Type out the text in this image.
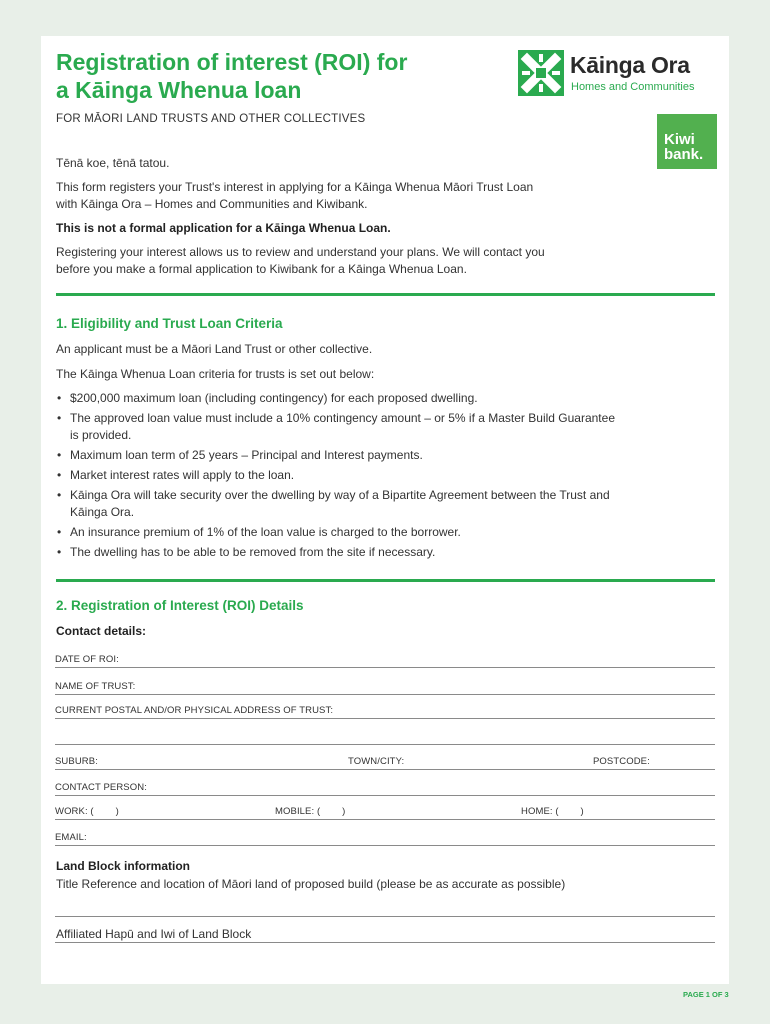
Registration of interest (ROI) for
a Kāinga Whenua loan
FOR MĀORI LAND TRUSTS AND OTHER COLLECTIVES
Kāinga Ora
Homes and Communities
Kiwi
bank.

Tēnā koe, tēnā tatou.

This form registers your Trust's interest in applying for a Kāinga Whenua Māori Trust Loan
with Kāinga Ora – Homes and Communities and Kiwibank.

This is not a formal application for a Kāinga Whenua Loan.

Registering your interest allows us to review and understand your plans. We will contact you
before you make a formal application to Kiwibank for a Kāinga Whenua Loan.

1. Eligibility and Trust Loan Criteria

An applicant must be a Māori Land Trust or other collective.

The Kāinga Whenua Loan criteria for trusts is set out below:

• $200,000 maximum loan (including contingency) for each proposed dwelling.
• The approved loan value must include a 10% contingency amount – or 5% if a Master Build Guarantee
is provided.
• Maximum loan term of 25 years – Principal and Interest payments.
• Market interest rates will apply to the loan.
• Kāinga Ora will take security over the dwelling by way of a Bipartite Agreement between the Trust and
Kāinga Ora.
• An insurance premium of 1% of the loan value is charged to the borrower.
• The dwelling has to be able to be removed from the site if necessary.
2. Registration of Interest (ROI) Details

Contact details:

DATE OF ROI:
NAME OF TRUST:
CURRENT POSTAL AND/OR PHYSICAL ADDRESS OF TRUST:
SUBURB:	TOWN/CITY:	POSTCODE:
CONTACT PERSON:
WORK: (        )	MOBILE: (        )	HOME: (        )
EMAIL:

Land Block information

Title Reference and location of Māori land of proposed build (please be as accurate as possible)

Affiliated Hapū and Iwi of Land Block
PAGE 1 OF 3
